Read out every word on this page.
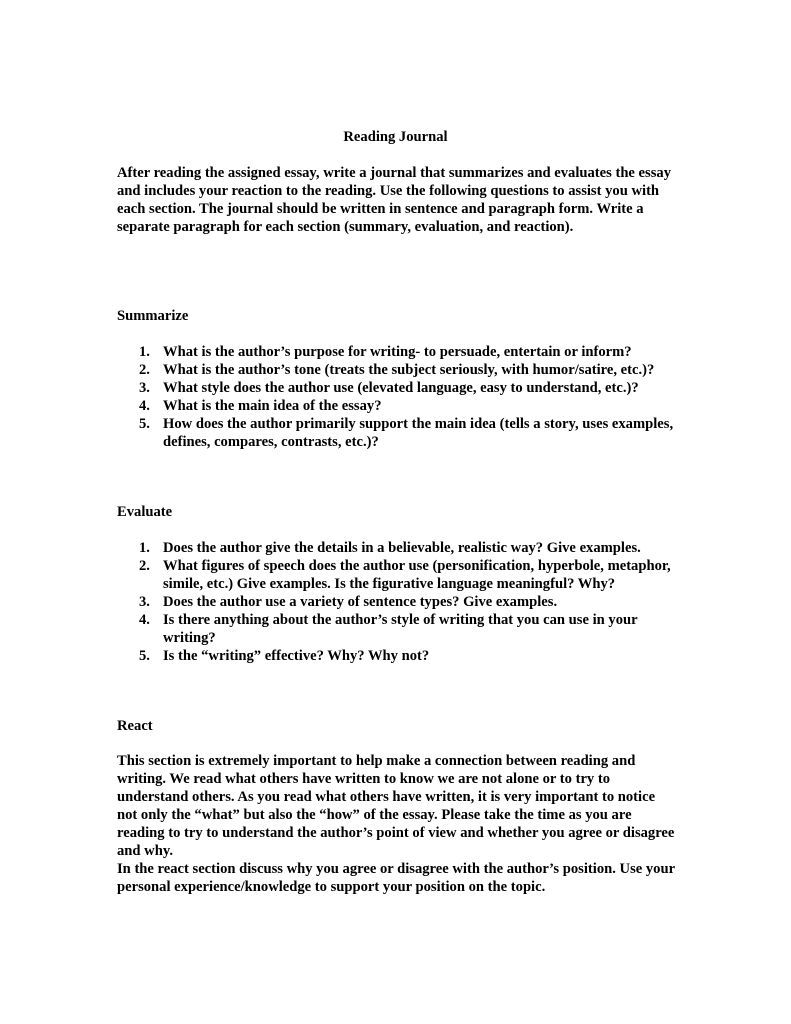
Reading Journal

After reading the assigned essay, write a journal that summarizes and evaluates the essay and includes your reaction to the reading. Use the following questions to assist you with each section. The journal should be written in sentence and paragraph form. Write a separate paragraph for each section (summary, evaluation, and reaction).

Summarize

1. What is the author’s purpose for writing- to persuade, entertain or inform?
2. What is the author’s tone (treats the subject seriously, with humor/satire, etc.)?
3. What style does the author use (elevated language, easy to understand, etc.)?
4. What is the main idea of the essay?
5. How does the author primarily support the main idea (tells a story, uses examples, defines, compares, contrasts, etc.)?

Evaluate

1. Does the author give the details in a believable, realistic way? Give examples.
2. What figures of speech does the author use (personification, hyperbole, metaphor, simile, etc.) Give examples. Is the figurative language meaningful? Why?
3. Does the author use a variety of sentence types? Give examples.
4. Is there anything about the author’s style of writing that you can use in your writing?
5. Is the “writing” effective? Why? Why not?

React

This section is extremely important to help make a connection between reading and writing. We read what others have written to know we are not alone or to try to understand others. As you read what others have written, it is very important to notice not only the “what” but also the “how” of the essay. Please take the time as you are reading to try to understand the author’s point of view and whether you agree or disagree and why.

In the react section discuss why you agree or disagree with the author’s position. Use your personal experience/knowledge to support your position on the topic.
